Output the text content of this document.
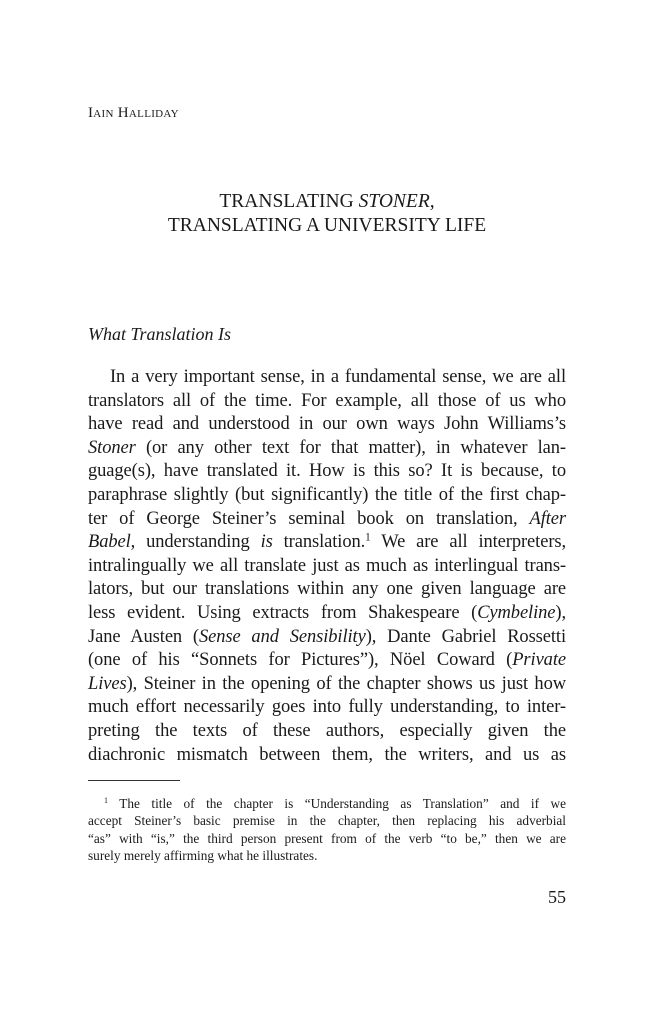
Iain Halliday

TRANSLATING STONER,
TRANSLATING A UNIVERSITY LIFE
What Translation Is
In a very important sense, in a fundamental sense, we are all
translators all of the time. For example, all those of us who
have read and understood in our own ways John Williams’s
Stoner (or any other text for that matter), in whatever lan-
guage(s), have translated it. How is this so? It is because, to
paraphrase slightly (but significantly) the title of the first chap-
ter of George Steiner’s seminal book on translation, After
Babel, understanding is translation.$^1$ We are all interpreters,
intralingually we all translate just as much as interlingual trans-
lators, but our translations within any one given language are
less evident. Using extracts from Shakespeare (Cymbeline),
Jane Austen (Sense and Sensibility), Dante Gabriel Rossetti
(one of his “Sonnets for Pictures”), Nöel Coward (Private
Lives), Steiner in the opening of the chapter shows us just how
much effort necessarily goes into fully understanding, to inter-
preting the texts of these authors, especially given the
diachronic mismatch between them, the writers, and us as
$^1$ The title of the chapter is “Understanding as Translation” and if we
accept Steiner’s basic premise in the chapter, then replacing his adverbial
“as” with “is,” the third person present from of the verb “to be,” then we are
surely merely affirming what he illustrates.

55
